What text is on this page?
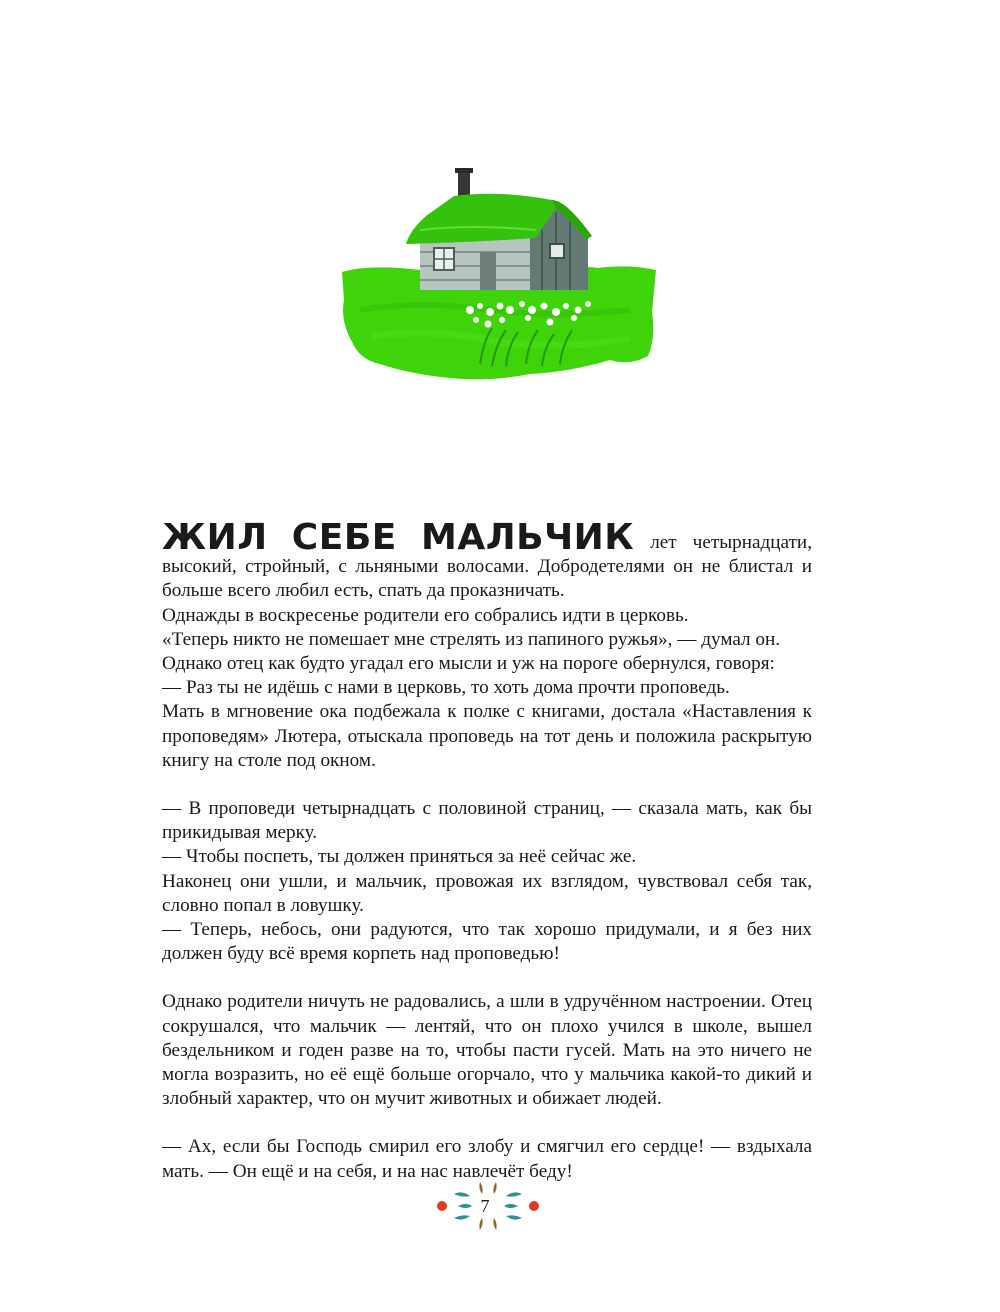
ЖИЛ СЕБЕ МАЛЬЧИК лет четырнадцати, высокий, стройный, с льняными волосами. Добродетелями он не блистал и больше всего любил есть, спать да проказничать.

Однажды в воскресенье родители его собрались идти в церковь.

«Теперь никто не помешает мне стрелять из папиного ружья», — думал он.

Однако отец как будто угадал его мысли и уж на пороге обернулся, говоря:

— Раз ты не идёшь с нами в церковь, то хоть дома прочти проповедь.

Мать в мгновение ока подбежала к полке с книгами, достала «Наставления к проповедям» Лютера, отыскала проповедь на тот день и положила раскрытую книгу на столе под окном.

— В проповеди четырнадцать с половиной страниц, — сказала мать, как бы прикидывая мерку.

— Чтобы поспеть, ты должен приняться за неё сейчас же.

Наконец они ушли, и мальчик, провожая их взглядом, чувствовал себя так, словно попал в ловушку.

— Теперь, небось, они радуются, что так хорошо придумали, и я без них должен буду всё время корпеть над проповедью!

Однако родители ничуть не радовались, а шли в удручённом настроении. Отец сокрушался, что мальчик — лентяй, что он плохо учился в школе, вышел бездельником и годен разве на то, чтобы пасти гусей. Мать на это ничего не могла возразить, но её ещё больше огорчало, что у мальчика какой-то дикий и злобный характер, что он мучит животных и обижает людей.

— Ах, если бы Господь смирил его злобу и смягчил его сердце! — вздыхала мать. — Он ещё и на себя, и на нас навлечёт беду!

7
